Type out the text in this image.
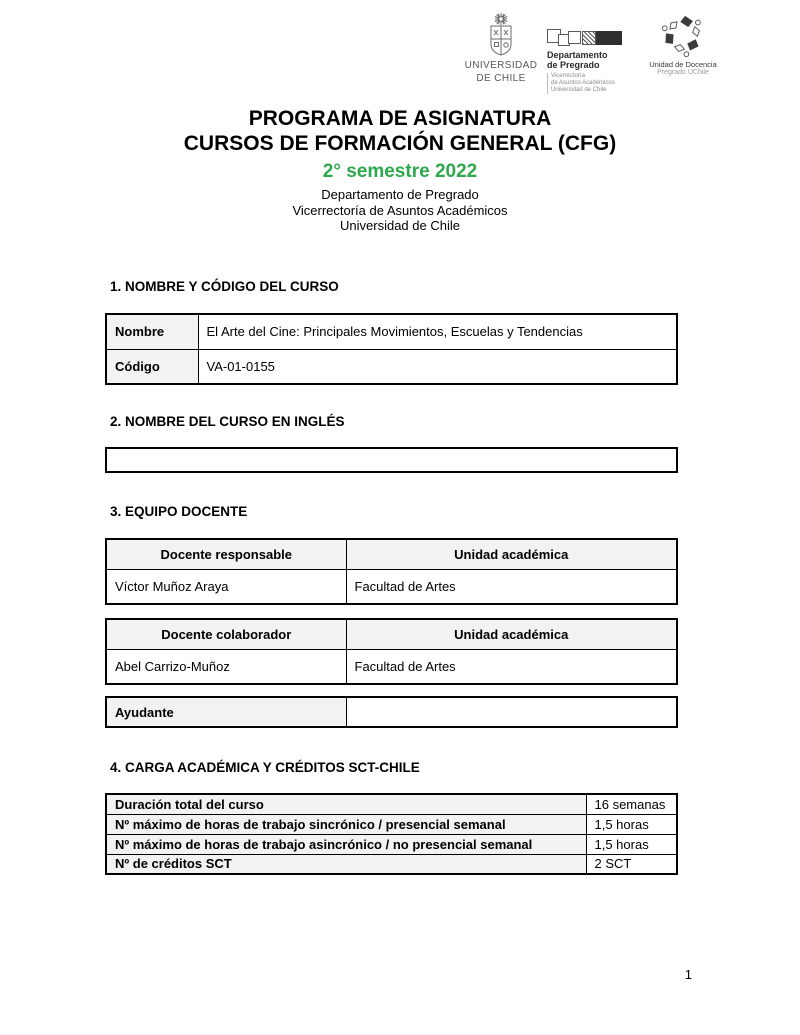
UNIVERSIDAD
DE CHILE
Departamento
de Pregrado
Vicerrectoría
de Asuntos Académicos
Universidad de Chile
Unidad de Docencia
Pregrado UChile
PROGRAMA DE ASIGNATURA
CURSOS DE FORMACIÓN GENERAL (CFG)
2° semestre 2022
Departamento de Pregrado
Vicerrectoría de Asuntos Académicos
Universidad de Chile
1. NOMBRE Y CÓDIGO DEL CURSO
Nombre	El Arte del Cine: Principales Movimientos, Escuelas y Tendencias
Código	VA-01-0155
2. NOMBRE DEL CURSO EN INGLÉS
3. EQUIPO DOCENTE
Docente responsable	Unidad académica
Víctor Muñoz Araya	Facultad de Artes
Docente colaborador	Unidad académica
Abel Carrizo-Muñoz	Facultad de Artes
Ayudante	
4. CARGA ACADÉMICA Y CRÉDITOS SCT-CHILE
Duración total del curso	16 semanas
Nº máximo de horas de trabajo sincrónico / presencial semanal	1,5 horas
Nº máximo de horas de trabajo asincrónico / no presencial semanal	1,5 horas
Nº de créditos SCT	2 SCT
1
